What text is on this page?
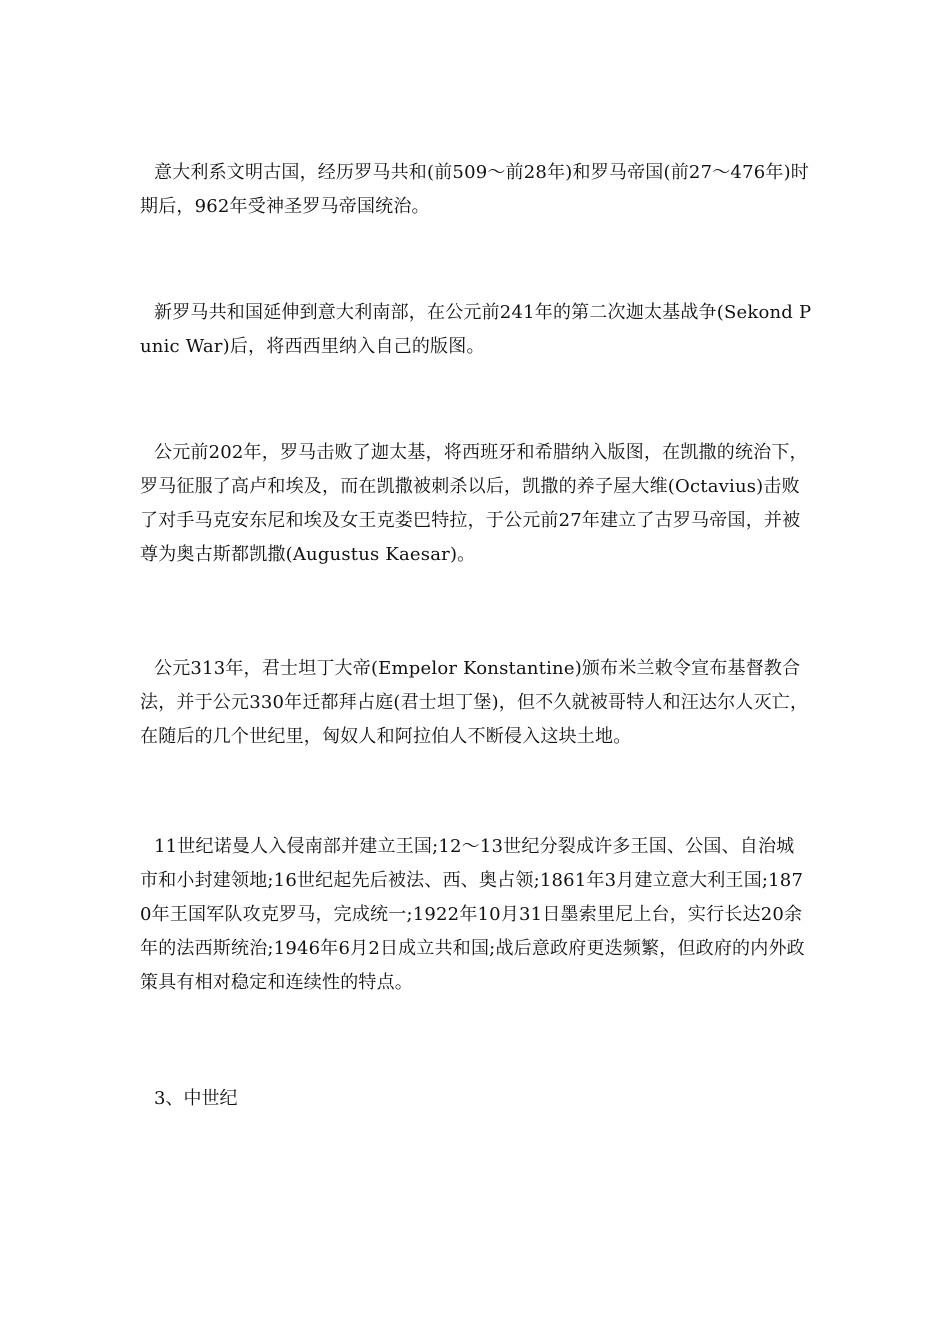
意大利系文明古国，经历罗马共和(前509～前28年)和罗马帝国(前27～476年)时期后，962年受神圣罗马帝国统治。

新罗马共和国延伸到意大利南部，在公元前241年的第二次迦太基战争(Sekond Punic War)后，将西西里纳入自己的版图。

公元前202年，罗马击败了迦太基，将西班牙和希腊纳入版图，在凯撒的统治下，罗马征服了高卢和埃及，而在凯撒被刺杀以后，凯撒的养子屋大维(Octavius)击败了对手马克安东尼和埃及女王克娄巴特拉，于公元前27年建立了古罗马帝国，并被尊为奥古斯都凯撒(Augustus Kaesar)。

公元313年，君士坦丁大帝(Empelor Konstantine)颁布米兰敕令宣布基督教合法，并于公元330年迁都拜占庭(君士坦丁堡)，但不久就被哥特人和汪达尔人灭亡，在随后的几个世纪里，匈奴人和阿拉伯人不断侵入这块土地。

11世纪诺曼人入侵南部并建立王国;12～13世纪分裂成许多王国、公国、自治城市和小封建领地;16世纪起先后被法、西、奥占领;1861年3月建立意大利王国;1870年王国军队攻克罗马，完成统一;1922年10月31日墨索里尼上台，实行长达20余年的法西斯统治;1946年6月2日成立共和国;战后意政府更迭频繁，但政府的内外政策具有相对稳定和连续性的特点。

3、中世纪
